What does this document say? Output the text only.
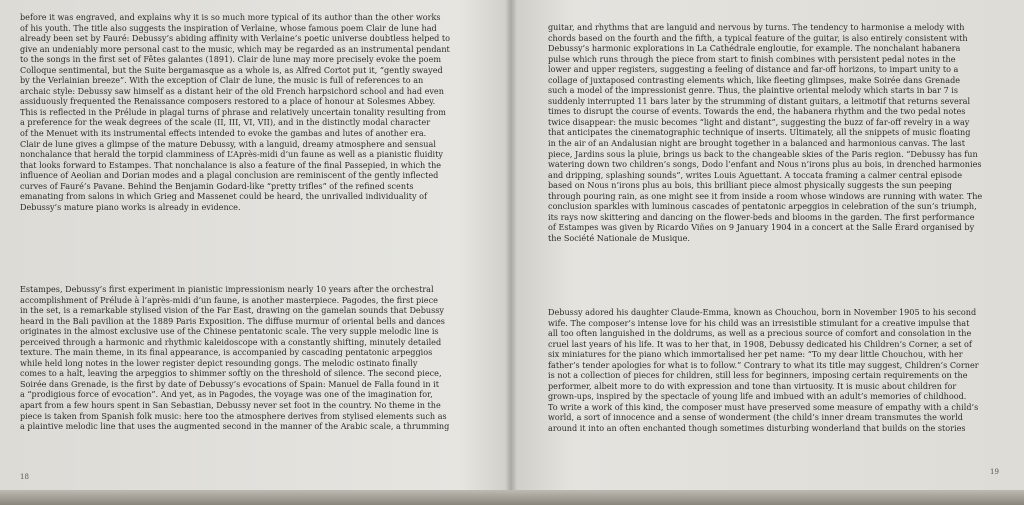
before it was engraved, and explains why it is so much more typical of its author than the other works
of his youth. The title also suggests the inspiration of Verlaine, whose famous poem Clair de lune had
already been set by Fauré: Debussy’s abiding affinity with Verlaine’s poetic universe doubtless helped to
give an undeniably more personal cast to the music, which may be regarded as an instrumental pendant
to the songs in the first set of Fêtes galantes (1891). Clair de lune may more precisely evoke the poem
Colloque sentimental, but the Suite bergamasque as a whole is, as Alfred Cortot put it, “gently swayed
by the Verlainian breeze”. With the exception of Clair de lune, the music is full of references to an
archaic style: Debussy saw himself as a distant heir of the old French harpsichord school and had even
assiduously frequented the Renaissance composers restored to a place of honour at Solesmes Abbey.
This is reflected in the Prélude in plagal turns of phrase and relatively uncertain tonality resulting from
a preference for the weak degrees of the scale (II, III, VI, VII), and in the distinctly modal character
of the Menuet with its instrumental effects intended to evoke the gambas and lutes of another era.
Clair de lune gives a glimpse of the mature Debussy, with a languid, dreamy atmosphere and sensual
nonchalance that herald the torpid clamminess of L’Après-midi d’un faune as well as a pianistic fluidity
that looks forward to Estampes. That nonchalance is also a feature of the final Passepied, in which the
influence of Aeolian and Dorian modes and a plagal conclusion are reminiscent of the gently inflected
curves of Fauré’s Pavane. Behind the Benjamin Godard-like “pretty trifles” of the refined scents
emanating from salons in which Grieg and Massenet could be heard, the unrivalled individuality of
Debussy’s mature piano works is already in evidence.
Estampes, Debussy’s first experiment in pianistic impressionism nearly 10 years after the orchestral
accomplishment of Prélude à l’après-midi d’un faune, is another masterpiece. Pagodes, the first piece
in the set, is a remarkable stylised vision of the Far East, drawing on the gamelan sounds that Debussy
heard in the Bali pavilion at the 1889 Paris Exposition. The diffuse murmur of oriental bells and dances
originates in the almost exclusive use of the Chinese pentatonic scale. The very supple melodic line is
perceived through a harmonic and rhythmic kaleidoscope with a constantly shifting, minutely detailed
texture. The main theme, in its final appearance, is accompanied by cascading pentatonic arpeggios
while held long notes in the lower register depict resounding gongs. The melodic ostinato finally
comes to a halt, leaving the arpeggios to shimmer softly on the threshold of silence. The second piece,
Soirée dans Grenade, is the first by date of Debussy’s evocations of Spain: Manuel de Falla found in it
a “prodigious force of evocation”. And yet, as in Pagodes, the voyage was one of the imagination for,
apart from a few hours spent in San Sebastian, Debussy never set foot in the country. No theme in the
piece is taken from Spanish folk music: here too the atmosphere derives from stylised elements such as
a plaintive melodic line that uses the augmented second in the manner of the Arabic scale, a thrumming
18
guitar, and rhythms that are languid and nervous by turns. The tendency to harmonise a melody with
chords based on the fourth and the fifth, a typical feature of the guitar, is also entirely consistent with
Debussy’s harmonic explorations in La Cathédrale engloutie, for example. The nonchalant habanera
pulse which runs through the piece from start to finish combines with persistent pedal notes in the
lower and upper registers, suggesting a feeling of distance and far-off horizons, to impart unity to a
collage of juxtaposed contrasting elements which, like fleeting glimpses, make Soirée dans Grenade
such a model of the impressionist genre. Thus, the plaintive oriental melody which starts in bar 7 is
suddenly interrupted 11 bars later by the strumming of distant guitars, a leitmotif that returns several
times to disrupt the course of events. Towards the end, the habanera rhythm and the two pedal notes
twice disappear: the music becomes “light and distant”, suggesting the buzz of far-off revelry in a way
that anticipates the cinematographic technique of inserts. Ultimately, all the snippets of music floating
in the air of an Andalusian night are brought together in a balanced and harmonious canvas. The last
piece, Jardins sous la pluie, brings us back to the changeable skies of the Paris region. “Debussy has fun
watering down two children’s songs, Dodo l’enfant and Nous n’irons plus au bois, in drenched harmonies
and dripping, splashing sounds”, writes Louis Aguettant. A toccata framing a calmer central episode
based on Nous n’irons plus au bois, this brilliant piece almost physically suggests the sun peeping
through pouring rain, as one might see it from inside a room whose windows are running with water. The
conclusion sparkles with luminous cascades of pentatonic arpeggios in celebration of the sun’s triumph,
its rays now skittering and dancing on the flower-beds and blooms in the garden. The first performance
of Estampes was given by Ricardo Viñes on 9 January 1904 in a concert at the Salle Érard organised by
the Société Nationale de Musique.
Debussy adored his daughter Claude-Emma, known as Chouchou, born in November 1905 to his second
wife. The composer’s intense love for his child was an irresistible stimulant for a creative impulse that
all too often languished in the doldrums, as well as a precious source of comfort and consolation in the
cruel last years of his life. It was to her that, in 1908, Debussy dedicated his Children’s Corner, a set of
six miniatures for the piano which immortalised her pet name: “To my dear little Chouchou, with her
father’s tender apologies for what is to follow.” Contrary to what its title may suggest, Children’s Corner
is not a collection of pieces for children, still less for beginners, imposing certain requirements on the
performer, albeit more to do with expression and tone than virtuosity. It is music about children for
grown-ups, inspired by the spectacle of young life and imbued with an adult’s memories of childhood.
To write a work of this kind, the composer must have preserved some measure of empathy with a child’s
world, a sort of innocence and a sense of wonderment (the child’s inner dream transmutes the world
around it into an often enchanted though sometimes disturbing wonderland that builds on the stories
19
